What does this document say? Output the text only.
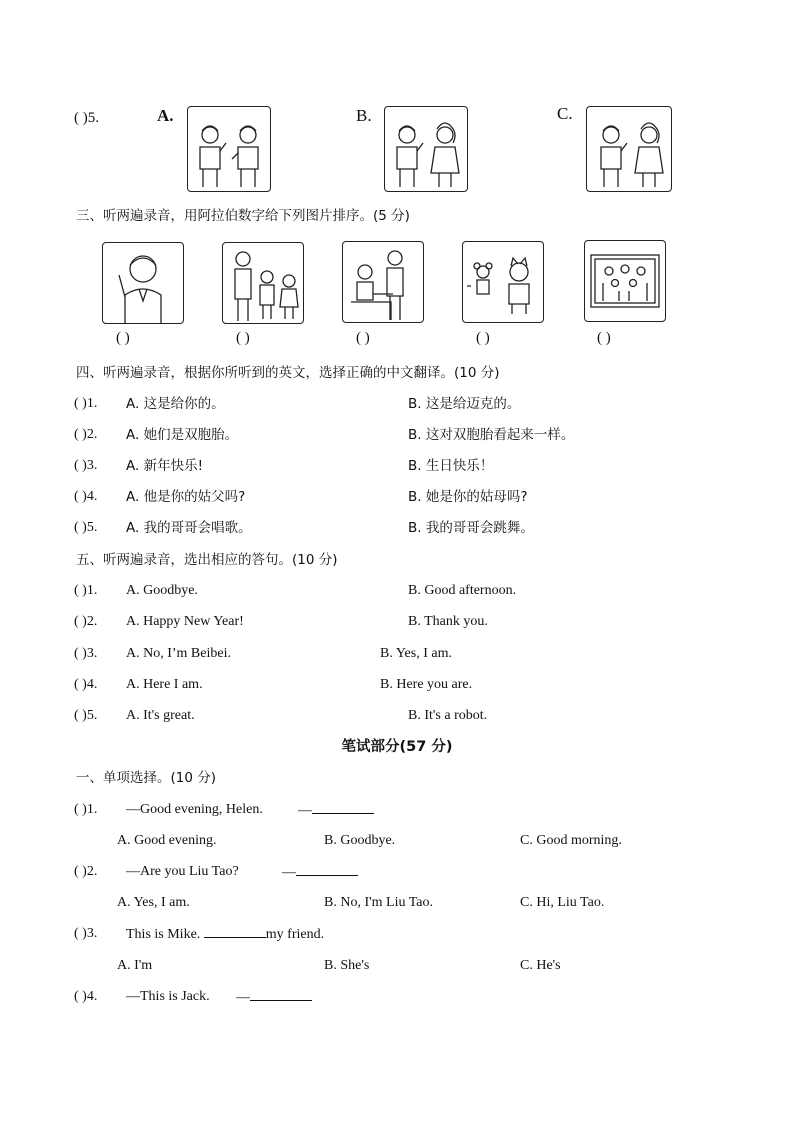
( )5.	A.	B.	C.
三、听两遍录音，用阿拉伯数字给下列图片排序。(5 分)
( )	( )	( )	( )	( )
四、听两遍录音，根据你所听到的英文，选择正确的中文翻译。(10 分)
( )1. A. 这是给你的。	B. 这是给迈克的。
( )2. A. 她们是双胞胎。	B. 这对双胞胎看起来一样。
( )3. A. 新年快乐!	B. 生日快乐！
( )4. A. 他是你的姑父吗?	B. 她是你的姑母吗?
( )5. A. 我的哥哥会唱歌。	B. 我的哥哥会跳舞。
五、听两遍录音，选出相应的答句。(10 分)
( )1. A. Goodbye.	B. Good afternoon.
( )2. A. Happy New Year!	B. Thank you.
( )3. A. No, I’m Beibei.	B. Yes, I am.
( )4. A. Here I am.	B. Here you are.
( )5. A. It's great.	B. It's a robot.
笔试部分(57 分)
一、单项选择。(10 分)
( )1. —Good evening, Helen.	—
A. Good evening.	B. Goodbye.	C. Good morning.
( )2. —Are you Liu Tao?	—
A. Yes, I am.	B. No, I'm Liu Tao.	C. Hi, Liu Tao.
( )3. This is Mike.	my friend.
A. I'm	B. She's	C. He's
( )4. —This is Jack. —
